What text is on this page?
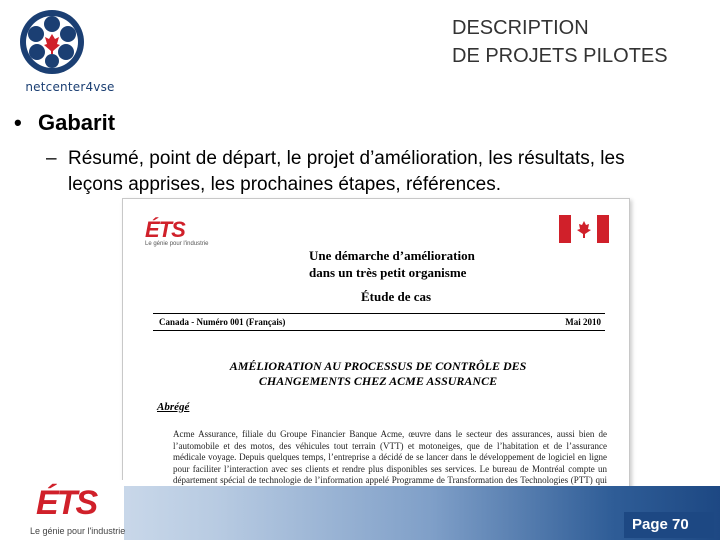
netcenter4vse
DESCRIPTION
DE PROJETS PILOTES
• Gabarit
– Résumé, point de départ, le projet d’amélioration, les résultats, les
leçons apprises, les prochaines étapes, références.
ÉTS
Le génie pour l'industrie
Une démarche d’amélioration
dans un très petit organisme
Étude de cas
Canada - Numéro 001 (Français)	Mai 2010
AMÉLIORATION AU PROCESSUS DE CONTRÔLE DES
CHANGEMENTS CHEZ ACME ASSURANCE
Abrégé
Acme Assurance, filiale du Groupe Financier Banque Acme, œuvre dans le secteur des assurances, aussi bien de l’automobile et des motos, des véhicules tout terrain (VTT) et motoneiges, que de l’habitation et de l’assurance médicale voyage. Depuis quelques temps, l’entreprise a décidé de se lancer dans le développement de logiciel en ligne pour faciliter l’interaction avec ses clients et rendre plus disponibles ses services. Le bureau de Montréal compte un département spécial de technologie de l’information appelé Programme de Transformation des Technologies (PTT) qui
ÉTS
Le génie pour l'industrie	Page 70
